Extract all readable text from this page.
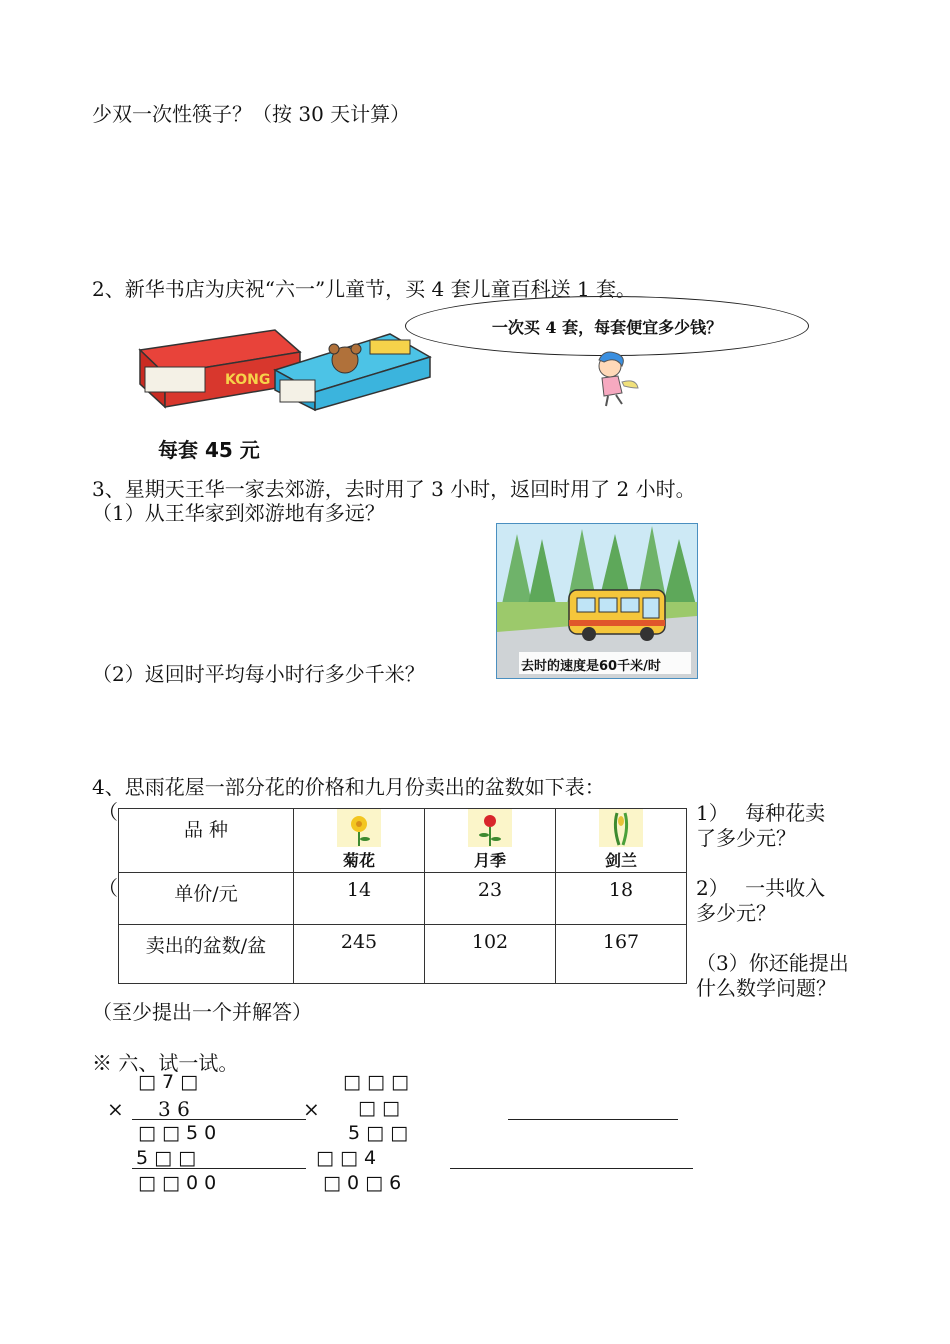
少双一次性筷子？（按 30 天计算）
2、新华书店为庆祝“六一”儿童节，买 4 套儿童百科送 1 套。
KONG
一次买 4 套，每套便宜多少钱？
每套 45 元
3、星期天王华一家去郊游，去时用了 3 小时，返回时用了 2 小时。
（1）从王华家到郊游地有多远？
去时的速度是60千米/时
（2）返回时平均每小时行多少千米？
4、思雨花屋一部分花的价格和九月份卖出的盆数如下表：
（
（
品 种	菊花	月季	剑兰

单价/元	14	23	18
卖出的盆数/盆	245	102	167
1）　 每种花卖
了多少元？
2）　 一共收入
多少元？
（3）你还能提出
什么数学问题？
（至少提出一个并解答）
※ 六、试一试。
□ 7 □
× 3 6
□ □ 5 0
5 □ □
□ □ 0 0
□ □ □
× □ □
5 □ □
□ □ 4
□ 0 □ 6
